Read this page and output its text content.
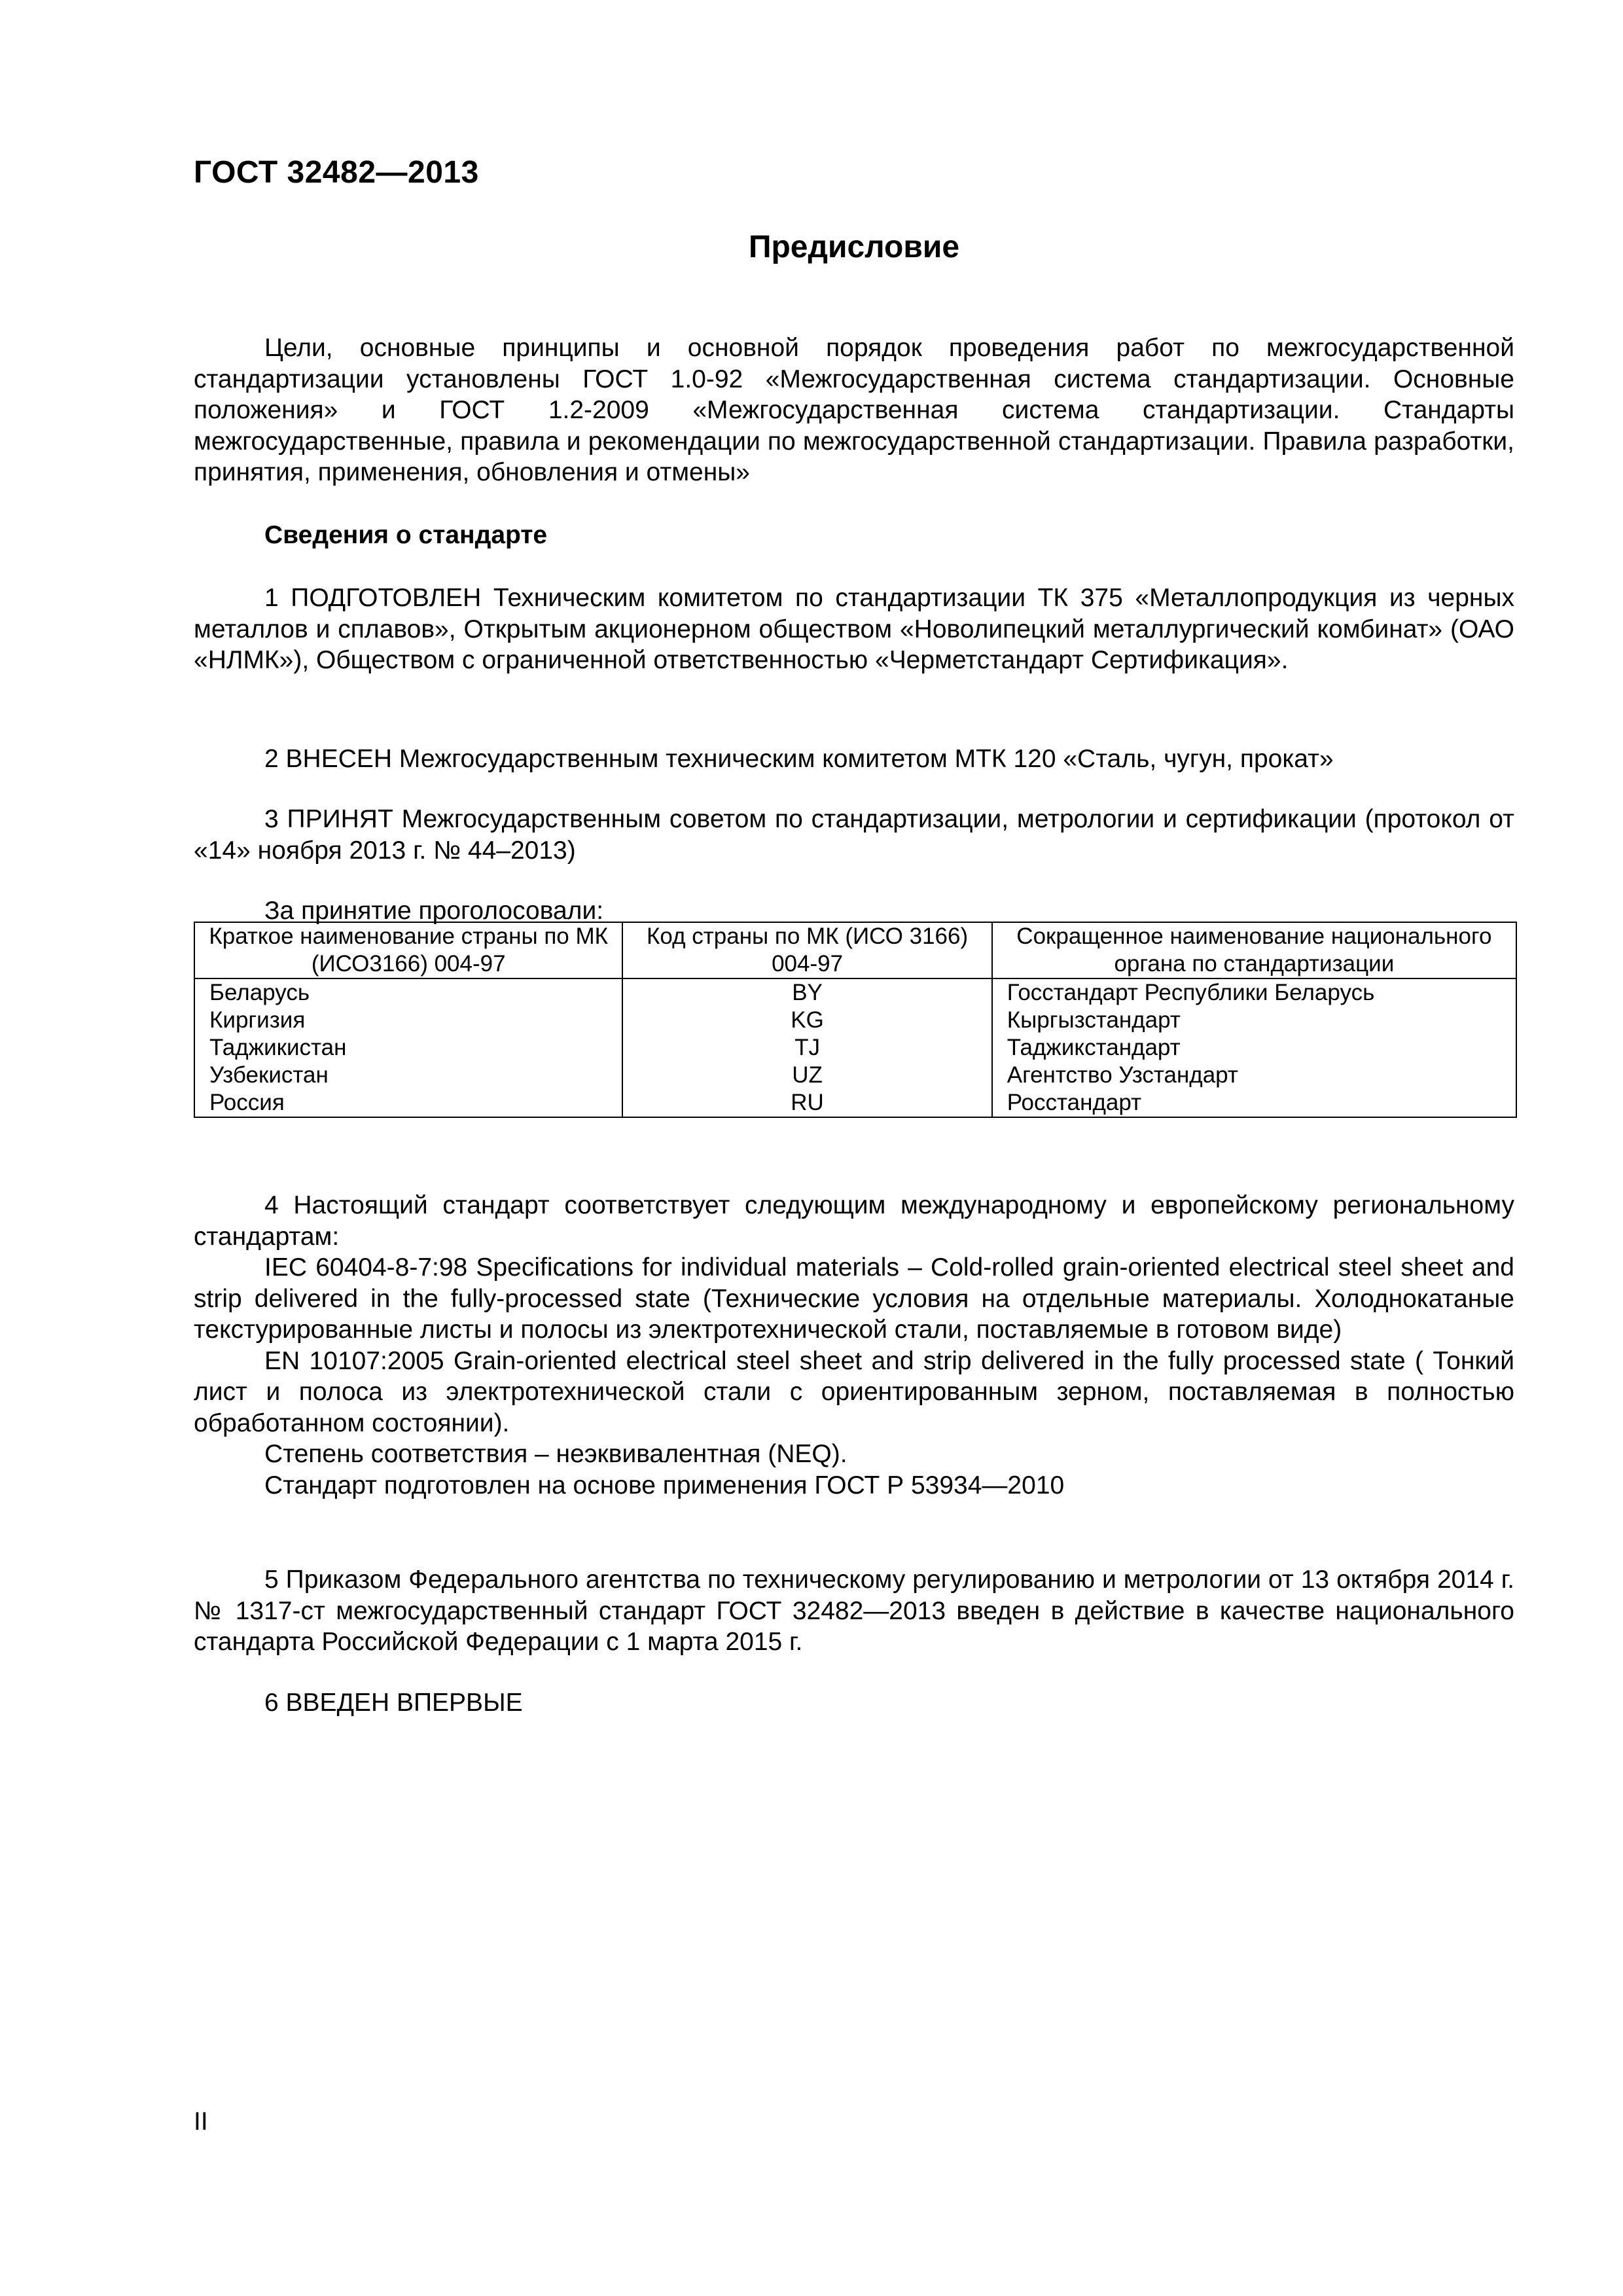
ГОСТ 32482—2013
Предисловие

Цели, основные принципы и основной порядок проведения работ по межгосударственной стандартизации установлены ГОСТ 1.0-92 «Межгосударственная система стандартизации. Основные положения» и ГОСТ 1.2-2009 «Межгосударственная система стандартизации. Стандарты межгосударственные, правила и рекомендации по межгосударственной стандартизации. Правила разработки, принятия, применения, обновления и отмены»

Сведения о стандарте

1 ПОДГОТОВЛЕН Техническим комитетом по стандартизации ТК 375 «Металлопродукция из черных металлов и сплавов», Открытым акционерном обществом «Новолипецкий металлургический комбинат» (ОАО «НЛМК»), Обществом с ограниченной ответственностью «Черметстандарт Сертификация».

2 ВНЕСЕН Межгосударственным техническим комитетом МТК 120 «Сталь, чугун, прокат»

3 ПРИНЯТ Межгосударственным советом по стандартизации, метрологии и сертификации (протокол от «14» ноября 2013 г. № 44–2013)

За принятие проголосовали:

Краткое наименование страны по МК (ИСО3166) 004-97	Код страны по МК (ИСО 3166) 004-97	Сокращенное наименование национального органа по стандартизации
Беларусь	BY	Госстандарт Республики Беларусь
Киргизия	KG	Кыргызстандарт
Таджикистан	TJ	Таджикстандарт
Узбекистан	UZ	Агентство Узстандарт
Россия	RU	Росстандарт

4 Настоящий стандарт соответствует следующим международному и европейскому региональному стандартам:

IEC 60404-8-7:98 Specifications for individual materials – Cold-rolled grain-oriented electrical steel sheet and strip delivered in the fully-processed state (Технические условия на отдельные материалы. Холоднокатаные текстурированные листы и полосы из электротехнической стали, поставляемые в готовом виде)

EN 10107:2005 Grain-oriented electrical steel sheet and strip delivered in the fully processed state ( Тонкий лист и полоса из электротехнической стали с ориентированным зерном, поставляемая в полностью обработанном состоянии).

Степень соответствия – неэквивалентная (NEQ).

Стандарт подготовлен на основе применения ГОСТ Р 53934—2010

5 Приказом Федерального агентства по техническому регулированию и метрологии от 13 октября 2014 г. № 1317-ст межгосударственный стандарт ГОСТ 32482—2013 введен в действие в качестве национального стандарта Российской Федерации с 1 марта 2015 г.

6 ВВЕДЕН ВПЕРВЫЕ

II
